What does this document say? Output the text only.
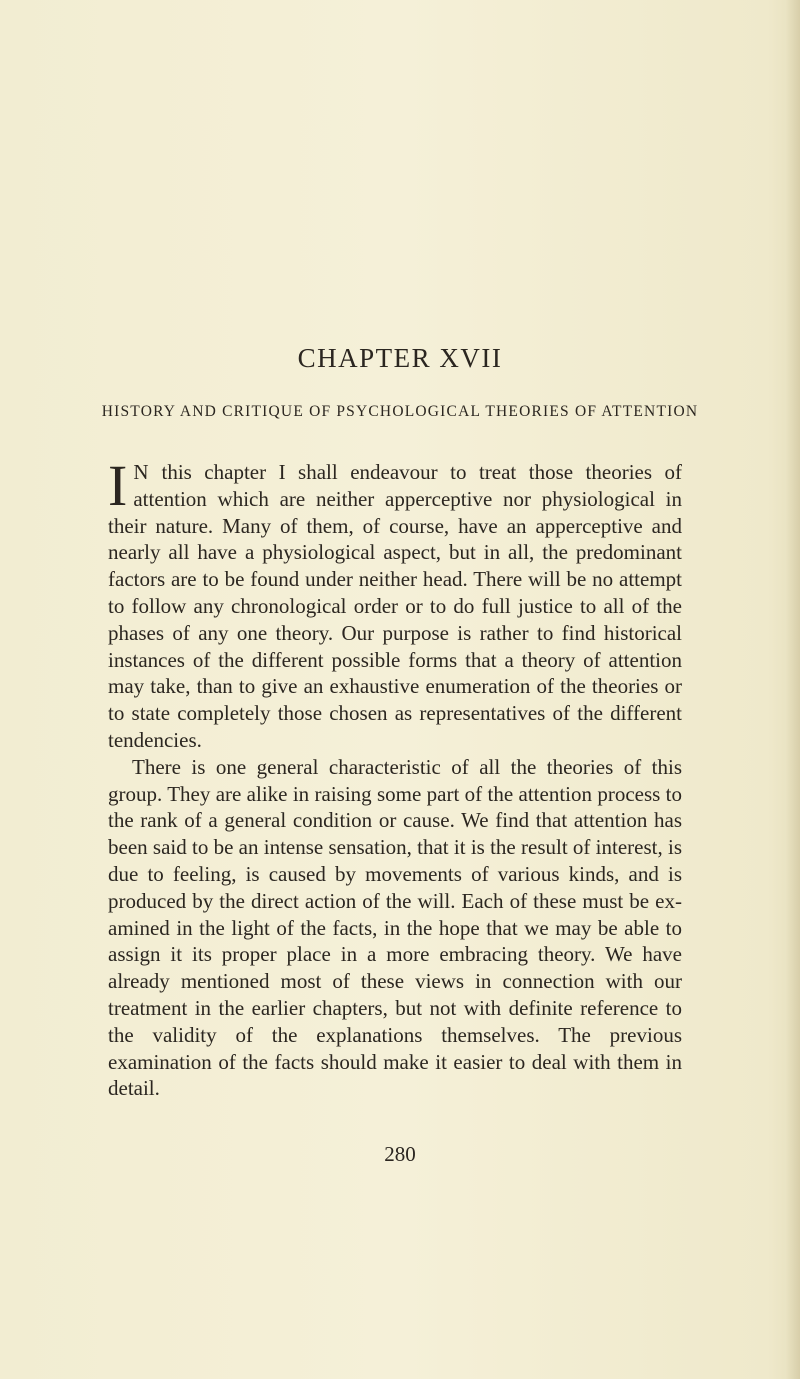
CHAPTER XVII
HISTORY AND CRITIQUE OF PSYCHOLOGICAL THEORIES OF ATTENTION

I N this chapter I shall endeavour to treat those theories of attention which are neither apperceptive nor physiological in their nature. Many of them, of course, have an apperceptive and nearly all have a physiological aspect, but in all, the predominant factors are to be found under neither head. There will be no attempt to follow any chronological order or to do full justice to all of the phases of any one theory. Our purpose is rather to find historical instances of the different possible forms that a theory of attention may take, than to give an exhaustive enumeration of the theories or to state completely those chosen as representatives of the different tendencies.

There is one general characteristic of all the theories of this group. They are alike in raising some part of the attention process to the rank of a general condition or cause. We find that attention has been said to be an intense sensation, that it is the result of interest, is due to feeling, is caused by movements of various kinds, and is produced by the direct action of the will. Each of these must be examined in the light of the facts, in the hope that we may be able to assign it its proper place in a more embracing theory. We have already mentioned most of these views in connection with our treatment in the earlier chapters, but not with definite reference to the validity of the explanations themselves. The previous examination of the facts should make it easier to deal with them in detail.

280
